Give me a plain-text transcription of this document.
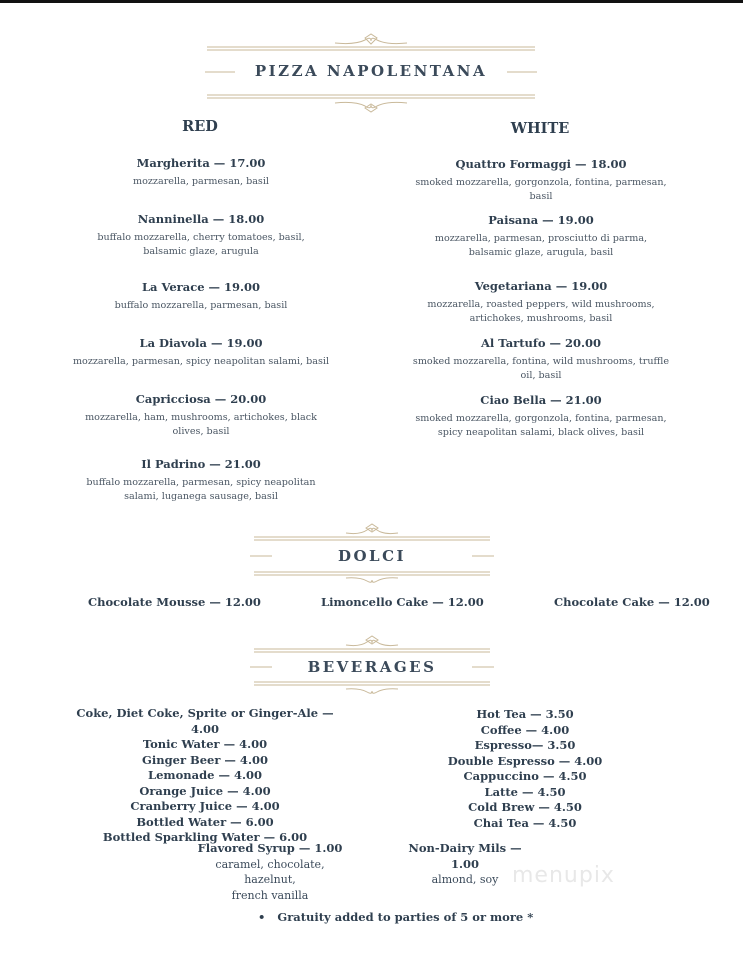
PIZZA NAPOLENTANA
RED	WHITE
Margherita — 17.00
mozzarella, parmesan, basil
Nanninella — 18.00
buffalo mozzarella, cherry tomatoes, basil, balsamic glaze, arugula
La Verace — 19.00
buffalo mozzarella, parmesan, basil
La Diavola — 19.00
mozzarella, parmesan, spicy neapolitan salami, basil
Capricciosa — 20.00
mozzarella, ham, mushrooms, artichokes, black olives, basil
Il Padrino — 21.00
buffalo mozzarella, parmesan, spicy neapolitan salami, luganega sausage, basil
Quattro Formaggi — 18.00
smoked mozzarella, gorgonzola, fontina, parmesan, basil
Paisana — 19.00
mozzarella, parmesan, prosciutto di parma, balsamic glaze, arugula, basil
Vegetariana — 19.00
mozzarella, roasted peppers, wild mushrooms, artichokes, mushrooms, basil
Al Tartufo — 20.00
smoked mozzarella, fontina, wild mushrooms, truffle oil, basil
Ciao Bella — 21.00
smoked mozzarella, gorgonzola, fontina, parmesan, spicy neapolitan salami, black olives, basil
DOLCI
Chocolate Mousse — 12.00	Limoncello Cake — 12.00	Chocolate Cake — 12.00
BEVERAGES
Coke, Diet Coke, Sprite or Ginger-Ale — 4.00
Tonic Water — 4.00
Ginger Beer — 4.00
Lemonade — 4.00
Orange Juice — 4.00
Cranberry Juice — 4.00
Bottled Water — 6.00
Bottled Sparkling Water — 6.00
Hot Tea — 3.50
Coffee — 4.00
Espresso— 3.50
Double Espresso — 4.00
Cappuccino — 4.50
Latte — 4.50
Cold Brew — 4.50
Chai Tea — 4.50
Flavored Syrup — 1.00
caramel, chocolate, hazelnut,
french vanilla
Non-Dairy Mils — 1.00
almond, soy menupix
• Gratuity added to parties of 5 or more *
